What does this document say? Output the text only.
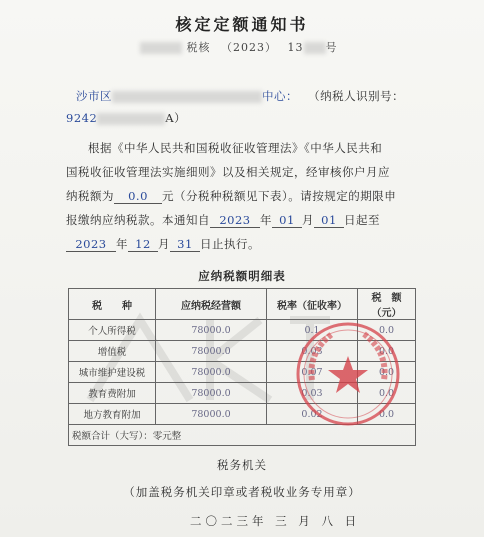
核定定额通知书
税核 （2023） 13 号
沙市区	中心： （纳税人识别号：
9242	A）
根据《中华人民共和国税收征收管理法》《中华人民共和
国税收征收管理法实施细则》以及相关规定，经审核你户月应
纳税额为 0.0 元（分税种税额见下表）。请按规定的期限申
报缴纳应纳税款。本通知自 2023 年 01 月 01 日起至
2023 年 12 月 31 日止执行。
应纳税额明细表
税　　种	应纳税经营额	税率（征收率）	税　额（元）
个人所得税	78000.0	0.1	0.0
增值税	78000.0	0.03	0.0
城市维护建设税	78000.0	0.07	0.0
教育费附加	78000.0	0.03	0.0
地方教育附加	78000.0	0.02	0.0
税额合计（大写）：零元整			
税务机关
（加盖税务机关印章或者税收业务专用章）
二〇二三年 三 月 八 日
